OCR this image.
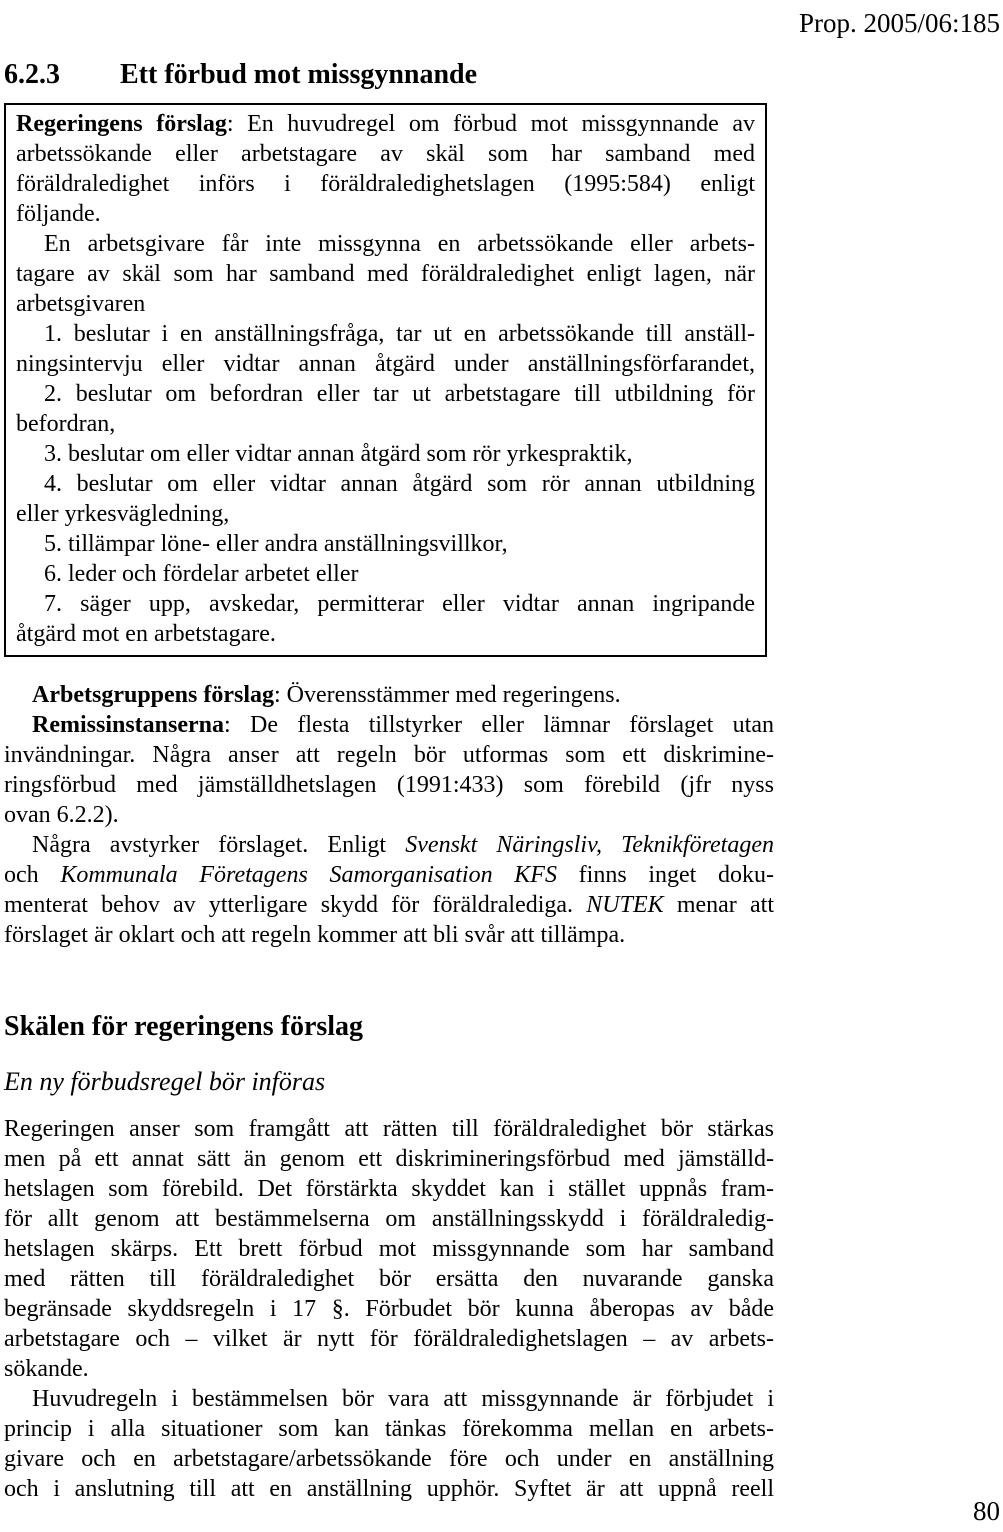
Prop. 2005/06:185
6.2.3 Ett förbud mot missgynnande
Regeringens förslag: En huvudregel om förbud mot missgynnande av
arbetssökande eller arbetstagare av skäl som har samband med
föräldraledighet införs i föräldraledighetslagen (1995:584) enligt
följande.
En arbetsgivare får inte missgynna en arbetssökande eller arbets-
tagare av skäl som har samband med föräldraledighet enligt lagen, när
arbetsgivaren
1. beslutar i en anställningsfråga, tar ut en arbetssökande till anställ-
ningsintervju eller vidtar annan åtgärd under anställningsförfarandet,
2. beslutar om befordran eller tar ut arbetstagare till utbildning för
befordran,
3. beslutar om eller vidtar annan åtgärd som rör yrkespraktik,
4. beslutar om eller vidtar annan åtgärd som rör annan utbildning
eller yrkesvägledning,
5. tillämpar löne- eller andra anställningsvillkor,
6. leder och fördelar arbetet eller
7. säger upp, avskedar, permitterar eller vidtar annan ingripande
åtgärd mot en arbetstagare.
Arbetsgruppens förslag: Överensstämmer med regeringens.
Remissinstanserna: De flesta tillstyrker eller lämnar förslaget utan
invändningar. Några anser att regeln bör utformas som ett diskrimine-
ringsförbud med jämställdhetslagen (1991:433) som förebild (jfr nyss
ovan 6.2.2).
Några avstyrker förslaget. Enligt Svenskt Näringsliv, Teknikföretagen
och Kommunala Företagens Samorganisation KFS finns inget doku-
menterat behov av ytterligare skydd för föräldralediga. NUTEK menar att
förslaget är oklart och att regeln kommer att bli svår att tillämpa.
Skälen för regeringens förslag
En ny förbudsregel bör införas
Regeringen anser som framgått att rätten till föräldraledighet bör stärkas
men på ett annat sätt än genom ett diskrimineringsförbud med jämställd-
hetslagen som förebild. Det förstärkta skyddet kan i stället uppnås fram-
för allt genom att bestämmelserna om anställningsskydd i föräldraledig-
hetslagen skärps. Ett brett förbud mot missgynnande som har samband
med rätten till föräldraledighet bör ersätta den nuvarande ganska
begränsade skyddsregeln i 17 §. Förbudet bör kunna åberopas av både
arbetstagare och – vilket är nytt för föräldraledighetslagen – av arbets-
sökande.
Huvudregeln i bestämmelsen bör vara att missgynnande är förbjudet i
princip i alla situationer som kan tänkas förekomma mellan en arbets-
givare och en arbetstagare/arbetssökande före och under en anställning
och i anslutning till att en anställning upphör. Syftet är att uppnå reell
80
